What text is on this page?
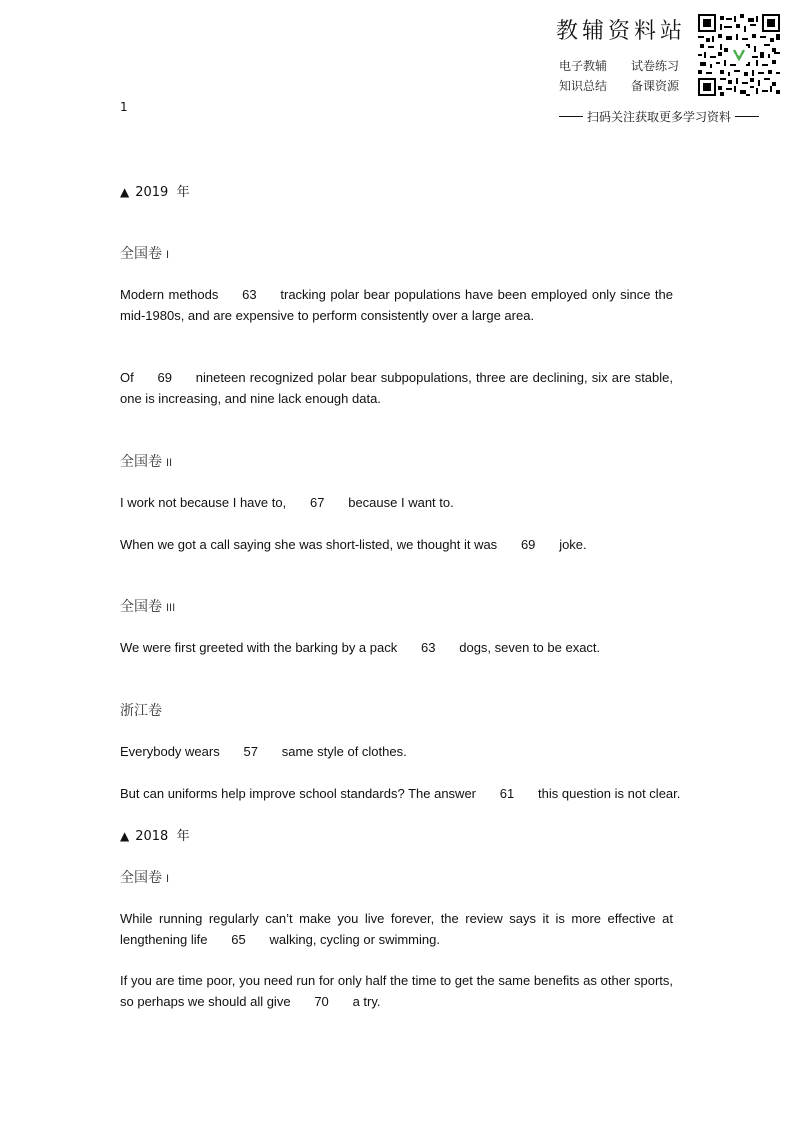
教辅资料站
电子教辅 试卷练习
知识总结 备课资源
扫码关注获取更多学习资料
1
▲ 2019 年
全国卷 I
Modern methods 63 tracking polar bear populations have been employed only since the mid-1980s, and are expensive to perform consistently over a large area.
Of 69 nineteen recognized polar bear subpopulations, three are declining, six are stable, one is increasing, and nine lack enough data.
全国卷 II
I work not because I have to, 67 because I want to.
When we got a call saying she was short-listed, we thought it was 69 joke.
全国卷 III
We were first greeted with the barking by a pack 63 dogs, seven to be exact.
浙江卷
Everybody wears 57 same style of clothes.
But can uniforms help improve school standards? The answer 61 this question is not clear.
▲ 2018 年
全国卷 I
While running regularly can’t make you live forever, the review says it is more effective at lengthening life 65 walking, cycling or swimming.
If you are time poor, you need run for only half the time to get the same benefits as other sports, so perhaps we should all give 70 a try.
